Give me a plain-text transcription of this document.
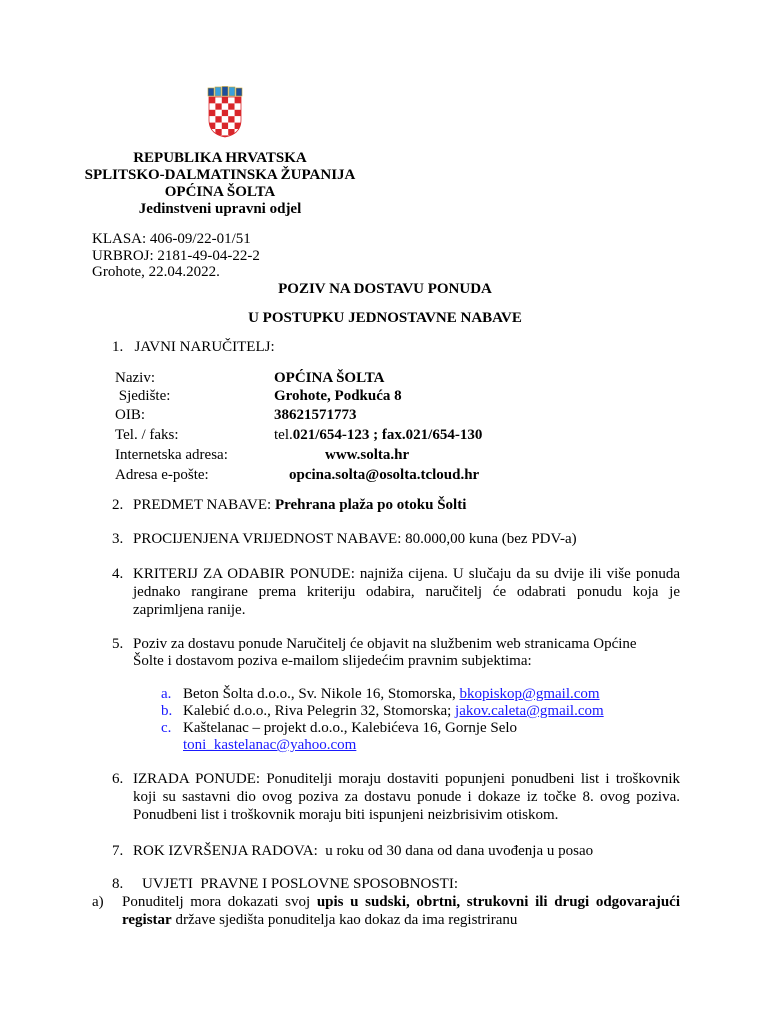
REPUBLIKA HRVATSKA
SPLITSKO-DALMATINSKA ŽUPANIJA
OPĆINA ŠOLTA
Jedinstveni upravni odjel
KLASA: 406-09/22-01/51
URBROJ: 2181-49-04-22-2
Grohote, 22.04.2022.
POZIV NA DOSTAVU PONUDA
U POSTUPKU JEDNOSTAVNE NABAVE
1.   JAVNI NARUČITELJ:
Naziv:	OPĆINA ŠOLTA
Sjedište:	Grohote, Podkuća 8
OIB:	38621571773
Tel. / faks:	tel.021/654-123 ; fax.021/654-130
Internetska adresa:	www.solta.hr
Adresa e-pošte:	opcina.solta@osolta.tcloud.hr
2. PREDMET NABAVE: Prehrana plaža po otoku Šolti
3. PROCIJENJENA VRIJEDNOST NABAVE: 80.000,00 kuna (bez PDV-a)
4. KRITERIJ ZA ODABIR PONUDE: najniža cijena. U slučaju da su dvije ili više ponuda jednako rangirane prema kriteriju odabira, naručitelj će odabrati ponudu koja je zaprimljena ranije.
5. Poziv za dostavu ponude Naručitelj će objavit na službenim web stranicama Općine
Šolte i dostavom poziva e-mailom slijedećim pravnim subjektima:
a. Beton Šolta d.o.o., Sv. Nikole 16, Stomorska, bkopiskop@gmail.com
b. Kalebić d.o.o., Riva Pelegrin 32, Stomorska; jakov.caleta@gmail.com
c. Kaštelanac – projekt d.o.o., Kalebićeva 16, Gornje Selo
toni_kastelanac@yahoo.com
6. IZRADA PONUDE: Ponuditelji moraju dostaviti popunjeni ponudbeni list i troškovnik koji su sastavni dio ovog poziva za dostavu ponude i dokaze iz točke 8. ovog poziva. Ponudbeni list i troškovnik moraju biti ispunjeni neizbrisivim otiskom.
7. ROK IZVRŠENJA RADOVA:  u roku od 30 dana od dana uvođenja u posao
8.     UVJETI  PRAVNE I POSLOVNE SPOSOBNOSTI:
a) Ponuditelj mora dokazati svoj upis u sudski, obrtni, strukovni ili drugi odgovarajući registar države sjedišta ponuditelja kao dokaz da ima registriranu
